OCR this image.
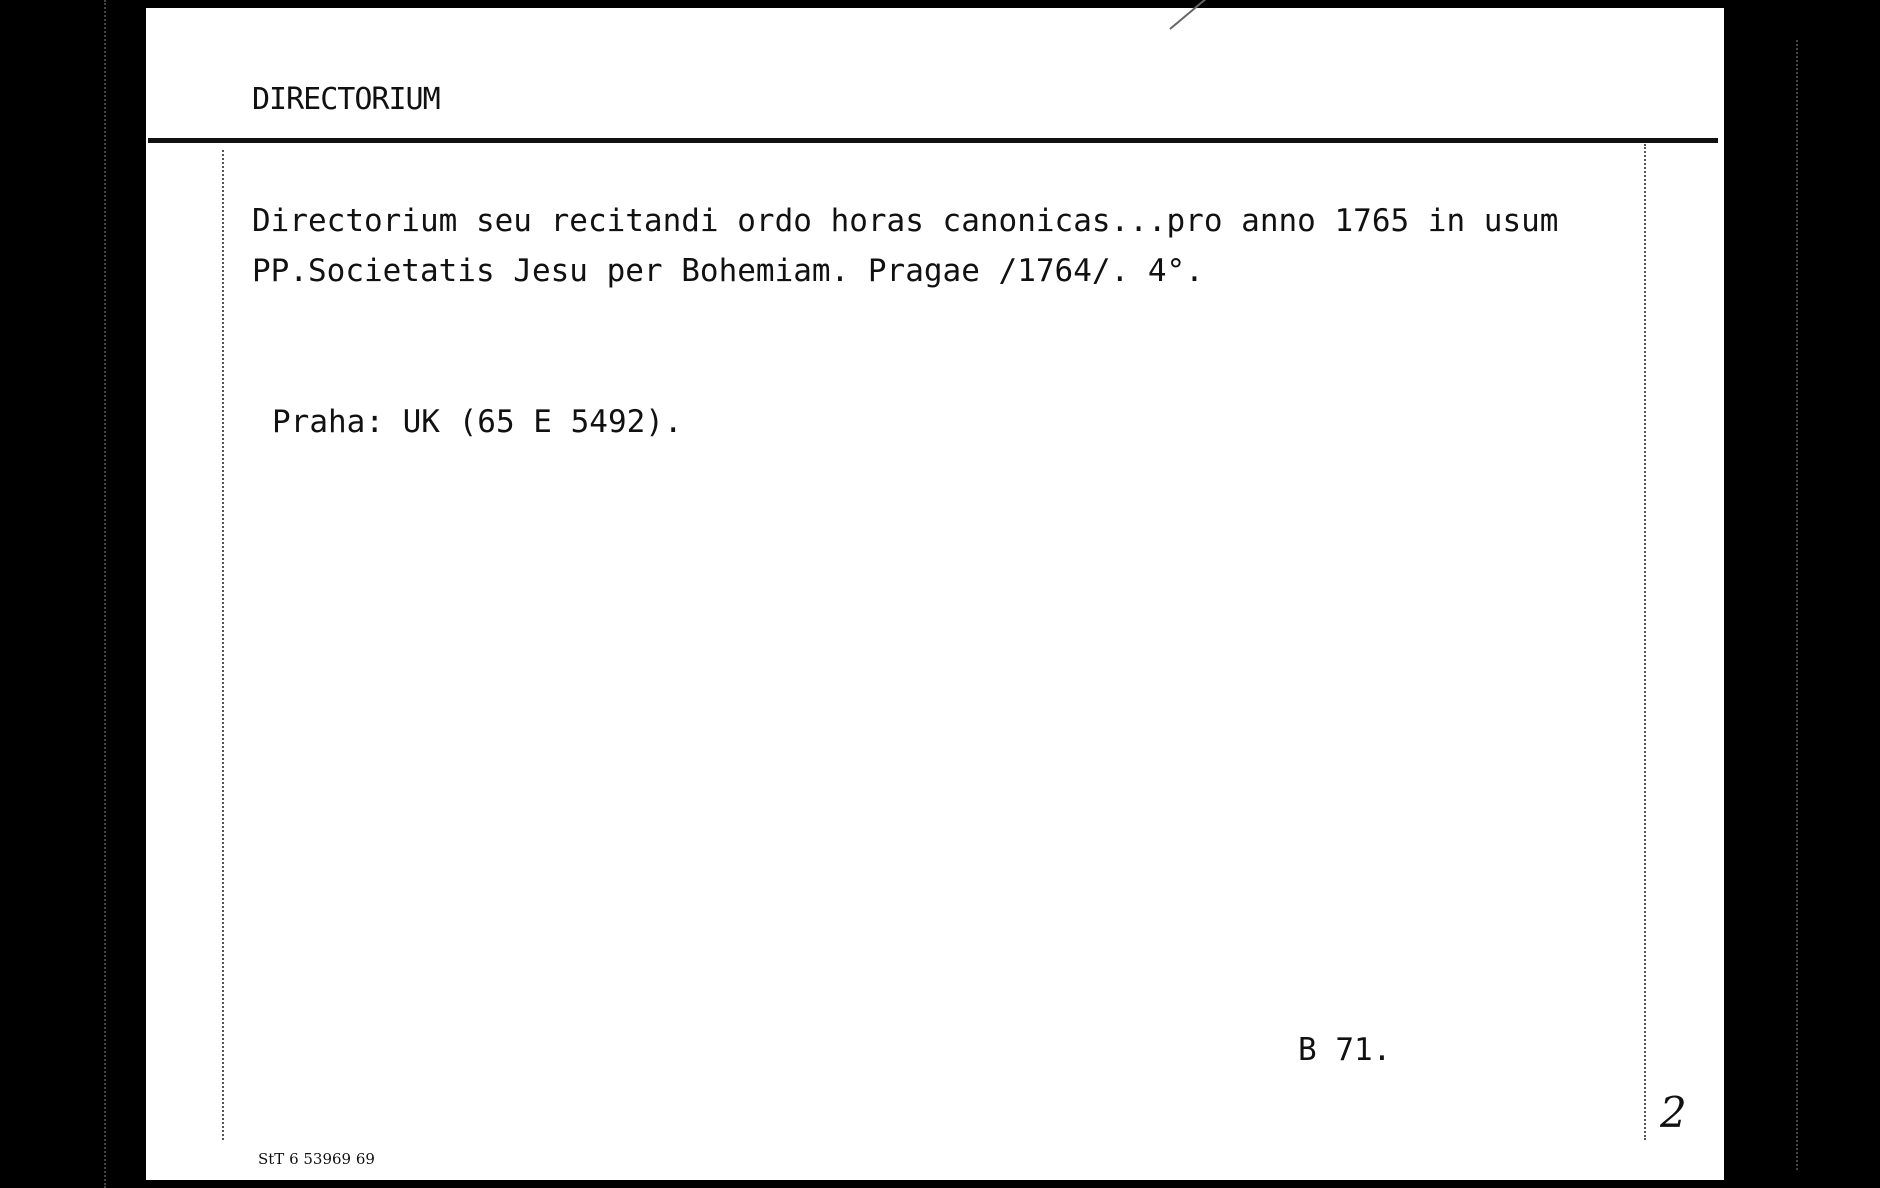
DIRECTORIUM
Directorium seu recitandi ordo horas canonicas...pro anno 1765 in usum
PP.Societatis Jesu per Bohemiam. Pragae /1764/. 4°.
Praha: UK (65 E 5492).
B 71.
StT 6 53969 69
2
